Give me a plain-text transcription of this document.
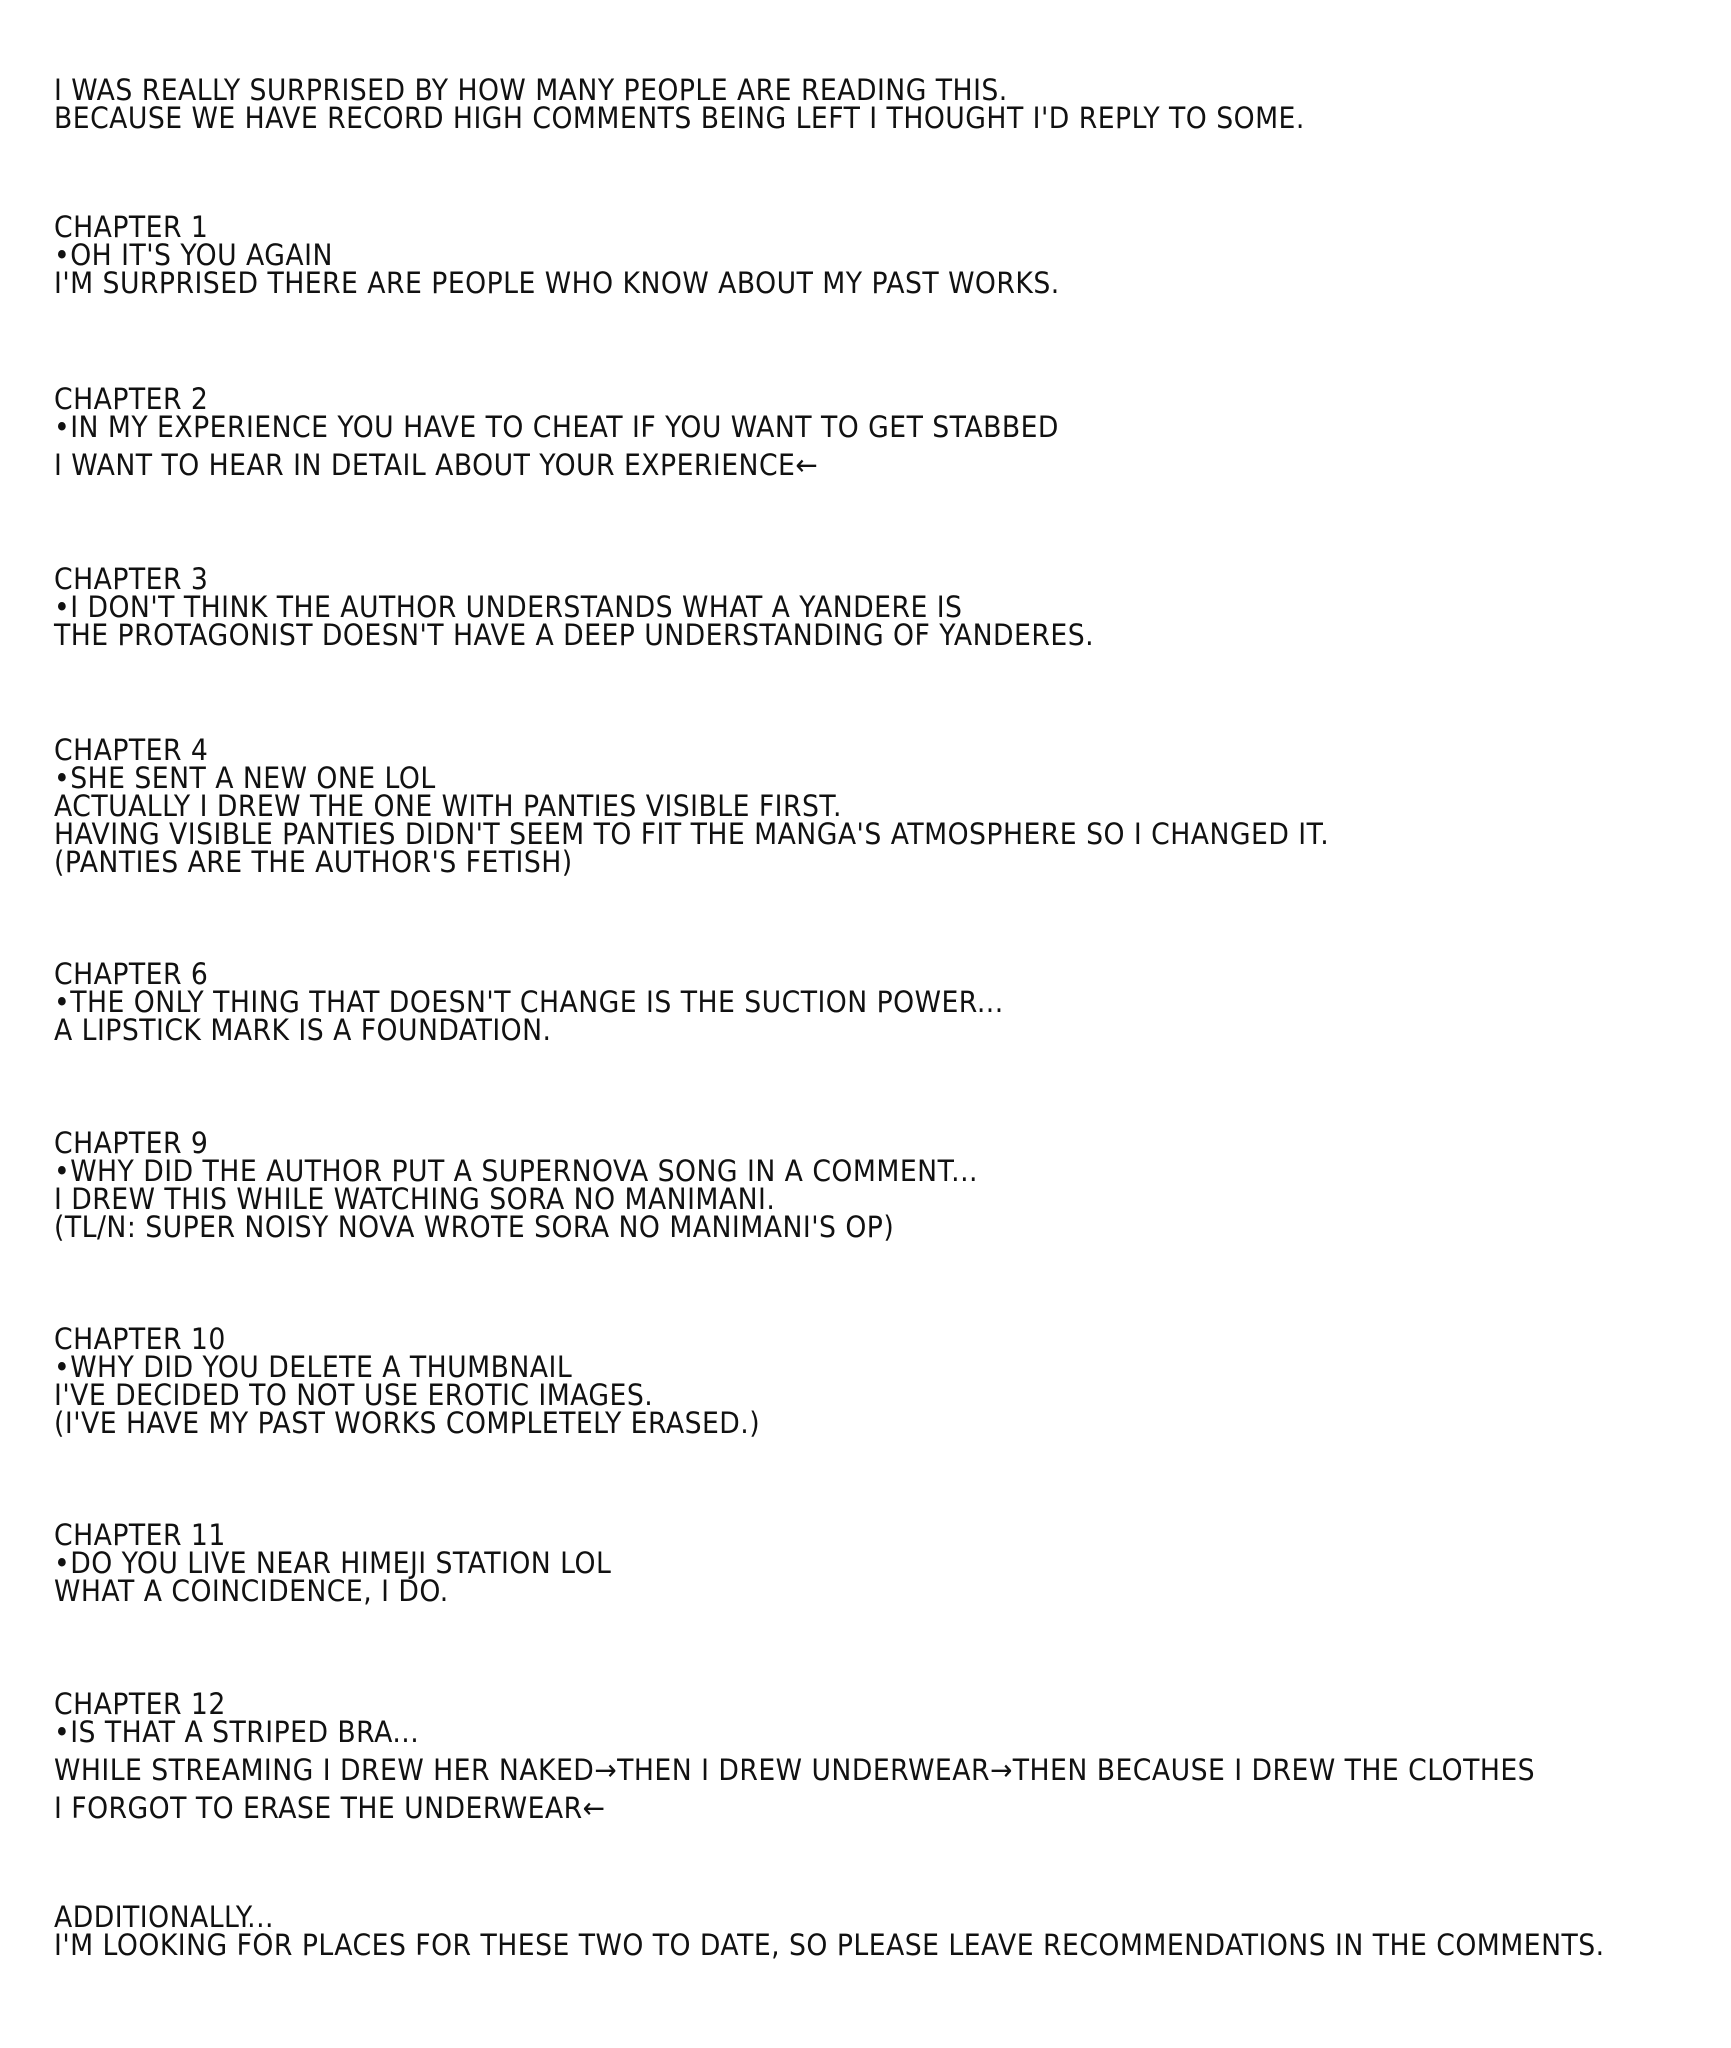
I WAS REALLY SURPRISED BY HOW MANY PEOPLE ARE READING THIS.
BECAUSE WE HAVE RECORD HIGH COMMENTS BEING LEFT I THOUGHT I'D REPLY TO SOME.
CHAPTER 1
•OH IT'S YOU AGAIN
I'M SURPRISED THERE ARE PEOPLE WHO KNOW ABOUT MY PAST WORKS.
CHAPTER 2
•IN MY EXPERIENCE YOU HAVE TO CHEAT IF YOU WANT TO GET STABBED
I WANT TO HEAR IN DETAIL ABOUT YOUR EXPERIENCE←
CHAPTER 3
•I DON'T THINK THE AUTHOR UNDERSTANDS WHAT A YANDERE IS
THE PROTAGONIST DOESN'T HAVE A DEEP UNDERSTANDING OF YANDERES.
CHAPTER 4
•SHE SENT A NEW ONE LOL
ACTUALLY I DREW THE ONE WITH PANTIES VISIBLE FIRST.
HAVING VISIBLE PANTIES DIDN'T SEEM TO FIT THE MANGA'S ATMOSPHERE SO I CHANGED IT.
(PANTIES ARE THE AUTHOR'S FETISH)
CHAPTER 6
•THE ONLY THING THAT DOESN'T CHANGE IS THE SUCTION POWER...
A LIPSTICK MARK IS A FOUNDATION.
CHAPTER 9
•WHY DID THE AUTHOR PUT A SUPERNOVA SONG IN A COMMENT...
I DREW THIS WHILE WATCHING SORA NO MANIMANI.
(TL/N: SUPER NOISY NOVA WROTE SORA NO MANIMANI'S OP)
CHAPTER 10
•WHY DID YOU DELETE A THUMBNAIL
I'VE DECIDED TO NOT USE EROTIC IMAGES.
(I'VE HAVE MY PAST WORKS COMPLETELY ERASED.)
CHAPTER 11
•DO YOU LIVE NEAR HIMEJI STATION LOL
WHAT A COINCIDENCE, I DO.
CHAPTER 12
•IS THAT A STRIPED BRA...
WHILE STREAMING I DREW HER NAKED→THEN I DREW UNDERWEAR→THEN BECAUSE I DREW THE CLOTHES
I FORGOT TO ERASE THE UNDERWEAR←
ADDITIONALLY...
I'M LOOKING FOR PLACES FOR THESE TWO TO DATE, SO PLEASE LEAVE RECOMMENDATIONS IN THE COMMENTS.
